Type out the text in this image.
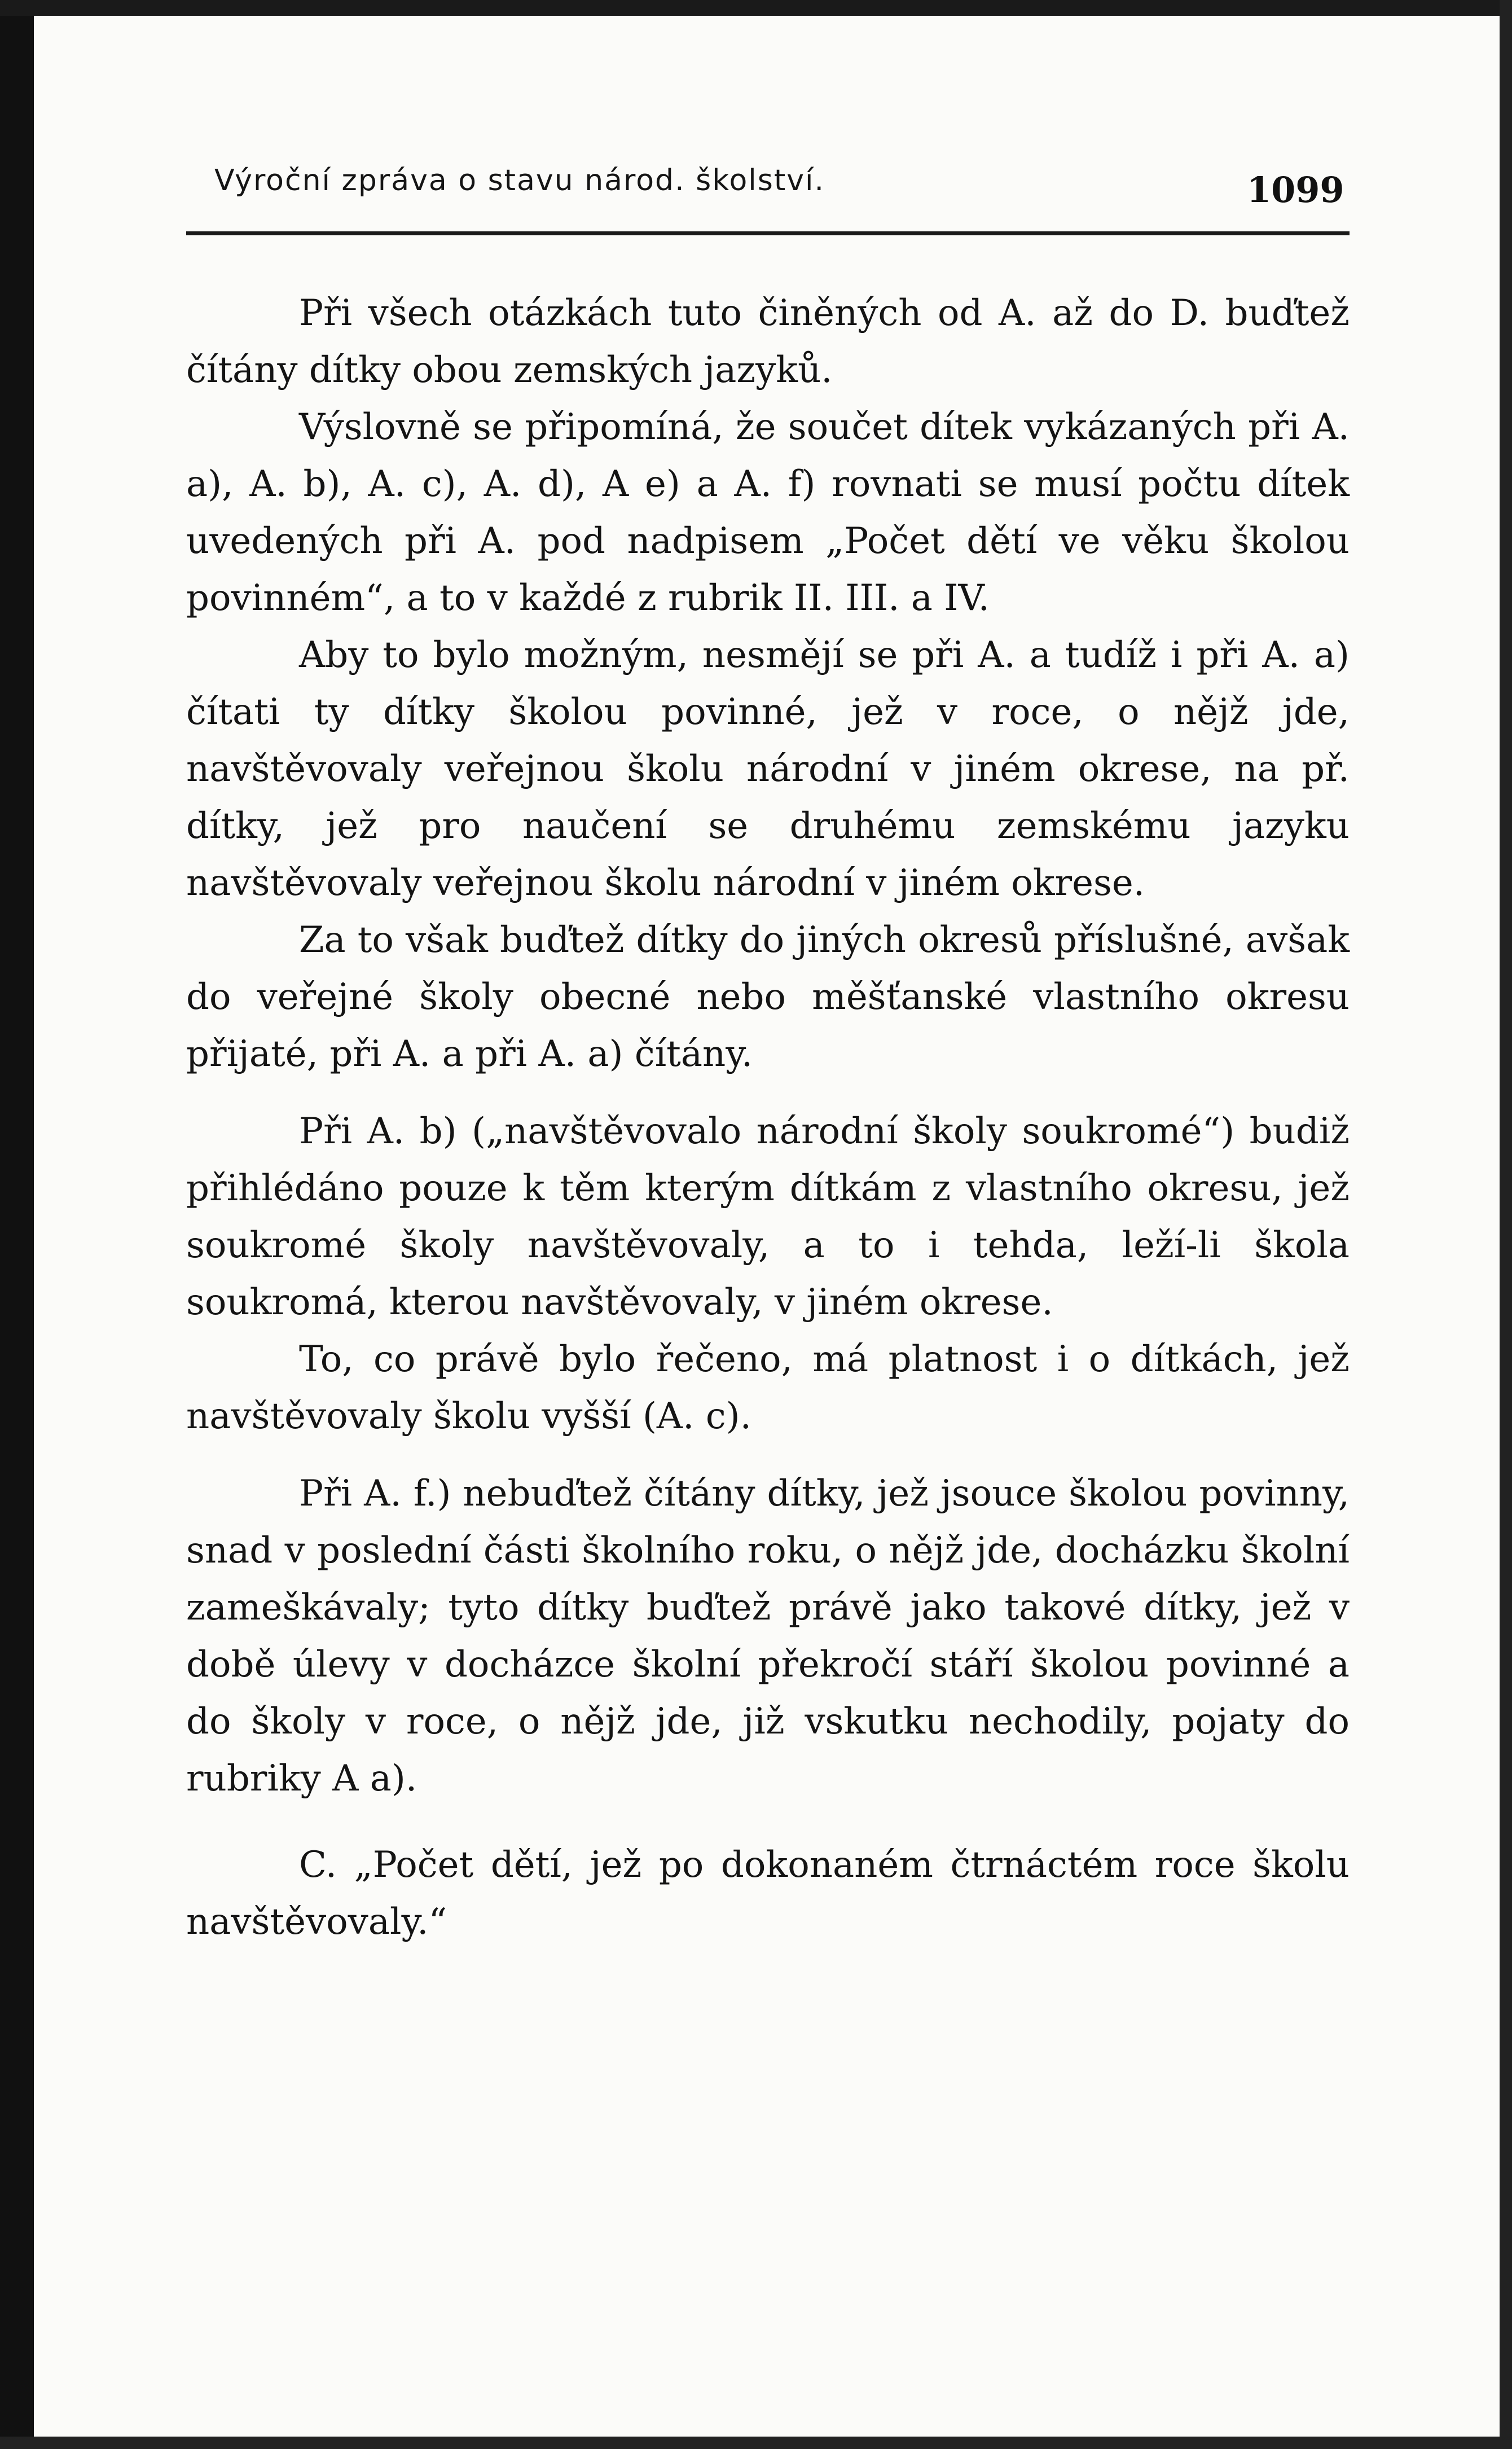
Výroční zpráva o stavu národ. školství.	1099

Při všech otázkách tuto činěných od A. až do D. buďtež čítány dítky obou zemských jazyků.

Výslovně se připomíná, že součet dítek vykázaných při A. a), A. b), A. c), A. d), A e) a A. f) rovnati se musí počtu dítek uvedených při A. pod nadpisem „Počet dětí ve věku školou povinném“, a to v každé z rubrik II. III. a IV.

Aby to bylo možným, nesmějí se při A. a tudíž i při A. a) čítati ty dítky školou povinné, jež v roce, o nějž jde, navštěvovaly veřejnou školu národní v jiném okrese, na př. dítky, jež pro naučení se druhému zemskému jazyku navštěvovaly veřejnou školu národní v jiném okrese.

Za to však buďtež dítky do jiných okresů příslušné, avšak do veřejné školy obecné nebo měšťanské vlastního okresu přijaté, při A. a při A. a) čítány.

Při A. b) („navštěvovalo národní školy soukromé“) budiž přihlédáno pouze k těm kterým dítkám z vlastního okresu, jež soukromé školy navštěvovaly, a to i tehda, leží-li škola soukromá, kterou navštěvovaly, v jiném okrese.

To, co právě bylo řečeno, má platnost i o dítkách, jež navštěvovaly školu vyšší (A. c).

Při A. f.) nebuďtež čítány dítky, jež jsouce školou povinny, snad v poslední části školního roku, o nějž jde, docházku školní zameškávaly; tyto dítky buďtež právě jako takové dítky, jež v době úlevy v docházce školní překročí stáří školou povinné a do školy v roce, o nějž jde, již vskutku nechodily, pojaty do rubriky A a).

C. „Počet dětí, jež po dokonaném čtrnáctém roce školu navštěvovaly.“
